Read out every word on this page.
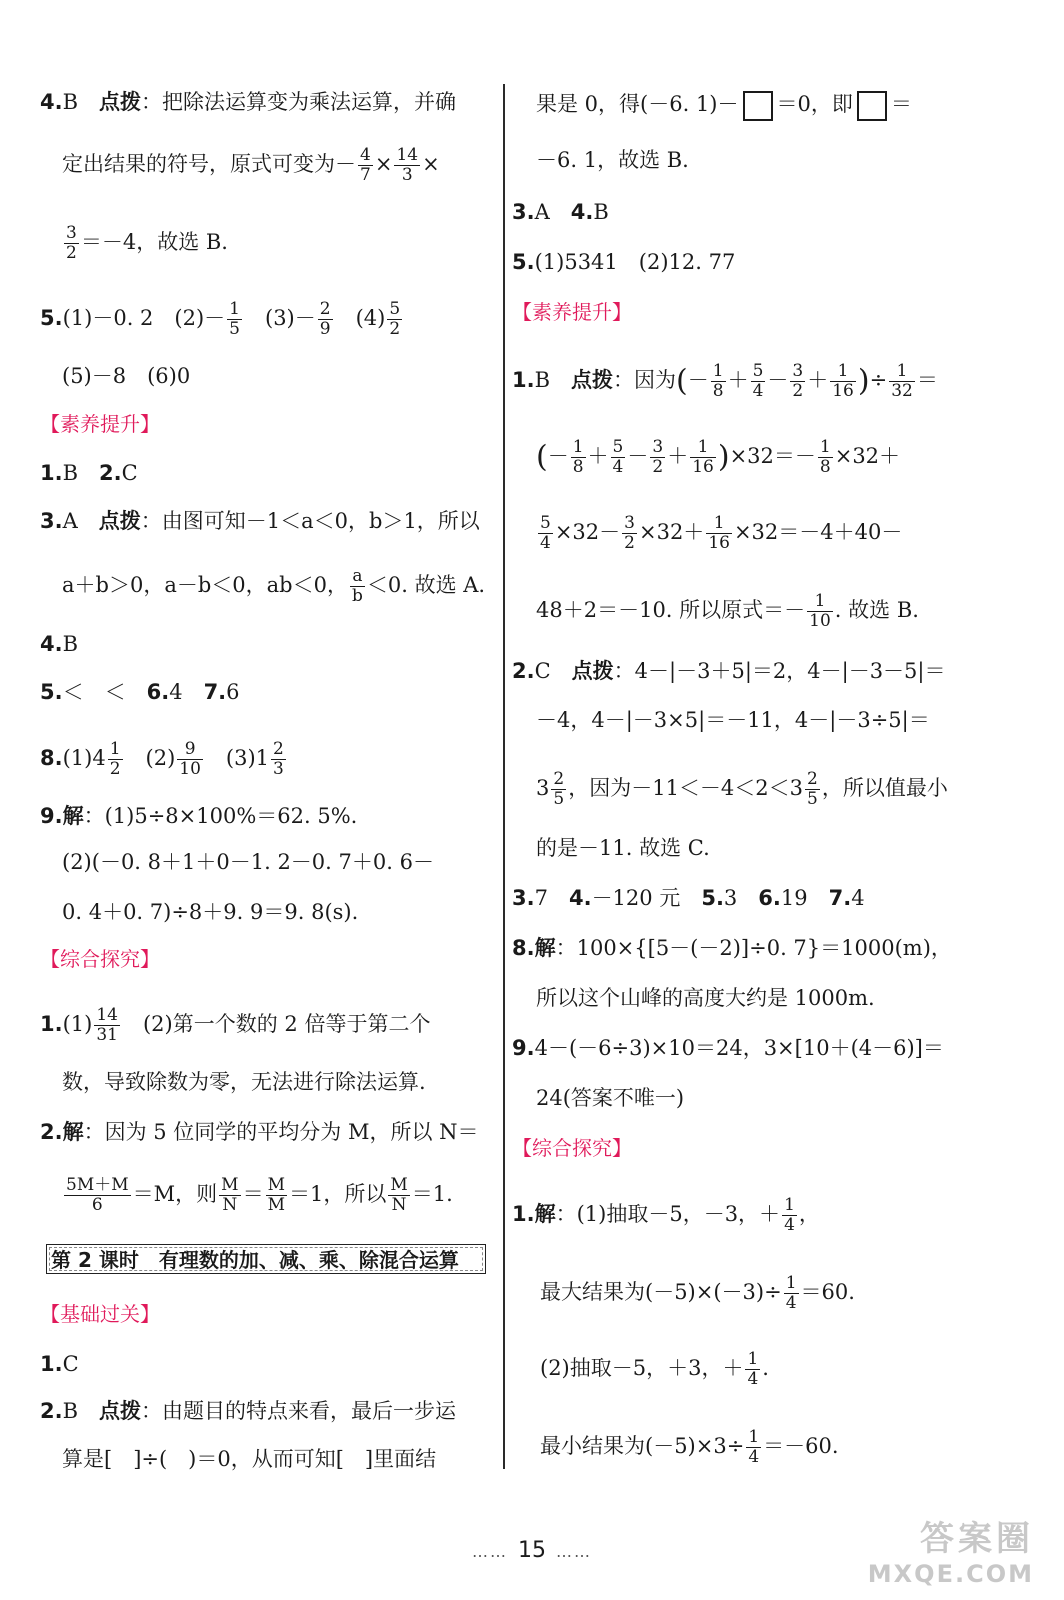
4.B　 点拨：把除法运算变为乘法运算，并确
定出结果的符号，原式可变为－ $\frac{4}{7} \times \frac{14}{3}$ ×
$\frac{3}{2} =-4$，故选 B.
5.(1)－0. 2　 $(2)- \frac{1}{5}$
　 $(3)- \frac{2}{9}$
　 $(4) \frac{5}{2}$
(5)－8　(6)0
【素养提升】
1.B　 2.C
3.A　 点拨：由图可知－1＜a＜0，b＞1，所以
a＋b＞0，a－b＜0，ab＜0， $\frac{a}{b} <0$. 故选 A.
4.B
5.＜　＜　 6.4　 7.6
$8.(1)4 \frac{1}{2}$
　 $(2) \frac{9}{10}$
　 $(3)1 \frac{2}{3}$
9.解：(1)5÷8×100%＝62. 5%.
(2)(－0. 8＋1＋0－1. 2－0. 7＋0. 6－
0. 4＋0. 7)÷8＋9. 9＝9. 8(s).
【综合探究】
$1.(1) \frac{14}{31}$ 　(2)第一个数的 2 倍等于第二个
数，导致除数为零，无法进行除法运算.
2.解：因为 5 位同学的平均分为 M，所以 N＝
$\frac{5M+M}{6} =M$，则 $\frac{M}{N} = \frac{M}{M} =1$，所以 $\frac{M}{N} =1$.
第 2 课时　有理数的加、减、乘、除混合运算
【基础过关】
1.C
2.B　 点拨：由题目的特点来看，最后一步运
算是[　]÷(　)＝0，从而可知[　]里面结
果是 0，得(－6. 1)－ ＝0，即 ＝
－6. 1，故选 B.
3.A　 4.B
5.(1)5341　(2)12. 77
【素养提升】
1.B　 点拨：因为(－ $\frac{1}{8} + \frac{5}{4} - \frac{3}{2} + \frac{1}{16}$ )÷ $\frac{1}{32}$ ＝
(－ $\frac{1}{8} + \frac{5}{4} - \frac{3}{2} + \frac{1}{16} )\times 32=- \frac{1}{8} \times 32+$
$\frac{5}{4} \times 32- \frac{3}{2} \times 32+ \frac{1}{16} \times 32=-4+40-$
48＋2＝－10. 所以原式＝－ $\frac{1}{10}$ . 故选 B.
2.C　 点拨：4－|－3＋5|＝2，4－|－3－5|＝
－4，4－|－3×5|＝－11，4－|－3÷5|＝
$3 \frac{2}{5}$ ，因为$-11<-4<2<3 \frac{2}{5}$ ，所以值最小
的是－11. 故选 C.
3.7　 4.－120 元　 5.3　 6.19　 7.4
8.解：100×{[5－(－2)]÷0. 7}＝1000(m)，
所以这个山峰的高度大约是 1000m.
9.4－(－6÷3)×10＝24，3×[10＋(4－6)]＝
24(答案不唯一)
【综合探究】
1.解：(1)抽取－5，－3，＋ $\frac{1}{4}$ ，
最大结果为$(-5)\times(-3)\div \frac{1}{4} =60$.
(2)抽取－5，＋3，＋ $\frac{1}{4}$ .
最小结果为$(-5)\times 3\div \frac{1}{4} =-60$.
…… 15 ……	答案圈
MXQE.COM
